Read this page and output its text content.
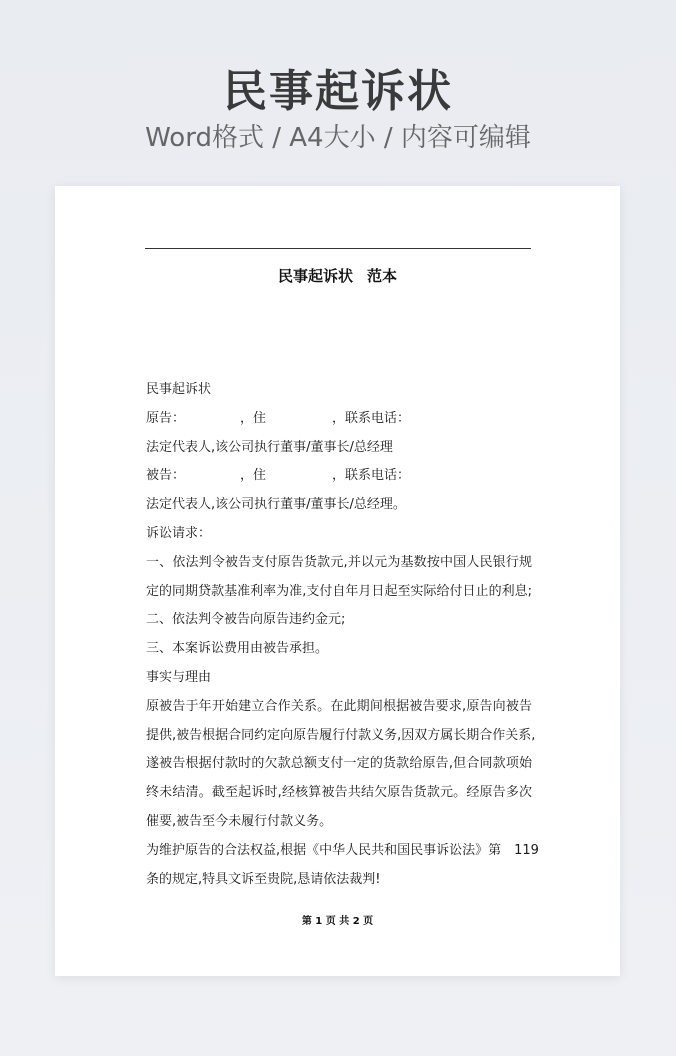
民事起诉状
Word格式 / A4大小 / 内容可编辑
民事起诉状 范本
民事起诉状
原告：	，住	，联系电话：
法定代表人,该公司执行董事/董事长/总经理
被告：	，住	，联系电话：
法定代表人,该公司执行董事/董事长/总经理。
诉讼请求：
一、依法判令被告支付原告货款元,并以元为基数按中国人民银行规
定的同期贷款基准利率为准,支付自年月日起至实际给付日止的利息;
二、依法判令被告向原告违约金元;
三、本案诉讼费用由被告承担。
事实与理由
原被告于年开始建立合作关系。在此期间根据被告要求,原告向被告
提供,被告根据合同约定向原告履行付款义务,因双方属长期合作关系,
遂被告根据付款时的欠款总额支付一定的货款给原告,但合同款项始
终未结清。截至起诉时,经核算被告共结欠原告货款元。经原告多次
催要,被告至今未履行付款义务。
为维护原告的合法权益,根据《中华人民共和国民事诉讼法》第　119
条的规定,特具文诉至贵院,恳请依法裁判!
第 1 页 共 2 页
